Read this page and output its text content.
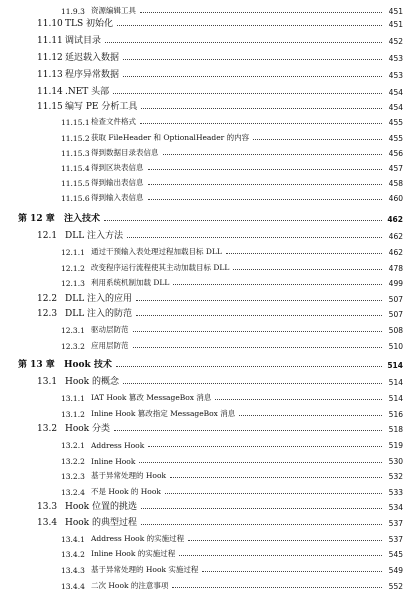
11.9.3 资源编辑工具	451
11.10 TLS 初始化	451
11.11 调试目录	452
11.12 延迟载入数据	453
11.13 程序异常数据	453
11.14 .NET 头部	454
11.15 编写 PE 分析工具	454
11.15.1 检查文件格式	455
11.15.2 获取 FileHeader 和 OptionalHeader 的内容	455
11.15.3 得到数据目录表信息	456
11.15.4 得到区块表信息	457
11.15.5 得到输出表信息	458
11.15.6 得到输入表信息	460
第 12 章	注入技术	462
12.1 DLL 注入方法	462
12.1.1 通过干预输入表处理过程加载目标 DLL	462
12.1.2 改变程序运行流程使其主动加载目标 DLL	478
12.1.3 利用系统机制加载 DLL	499
12.2 DLL 注入的应用	507
12.3 DLL 注入的防范	507
12.3.1 驱动层防范	508
12.3.2 应用层防范	510
第 13 章	Hook 技术	514
13.1 Hook 的概念	514
13.1.1 IAT Hook 篡改 MessageBox 消息	514
13.1.2 Inline Hook 篡改指定 MessageBox 消息	516
13.2 Hook 分类	518
13.2.1 Address Hook	519
13.2.2 Inline Hook	530
13.2.3 基于异常处理的 Hook	532
13.2.4 不是 Hook 的 Hook	533
13.3 Hook 位置的挑选	534
13.4 Hook 的典型过程	537
13.4.1 Address Hook 的实施过程	537
13.4.2 Inline Hook 的实施过程	545
13.4.3 基于异常处理的 Hook 实施过程	549
13.4.4 二次 Hook 的注意事项	552
